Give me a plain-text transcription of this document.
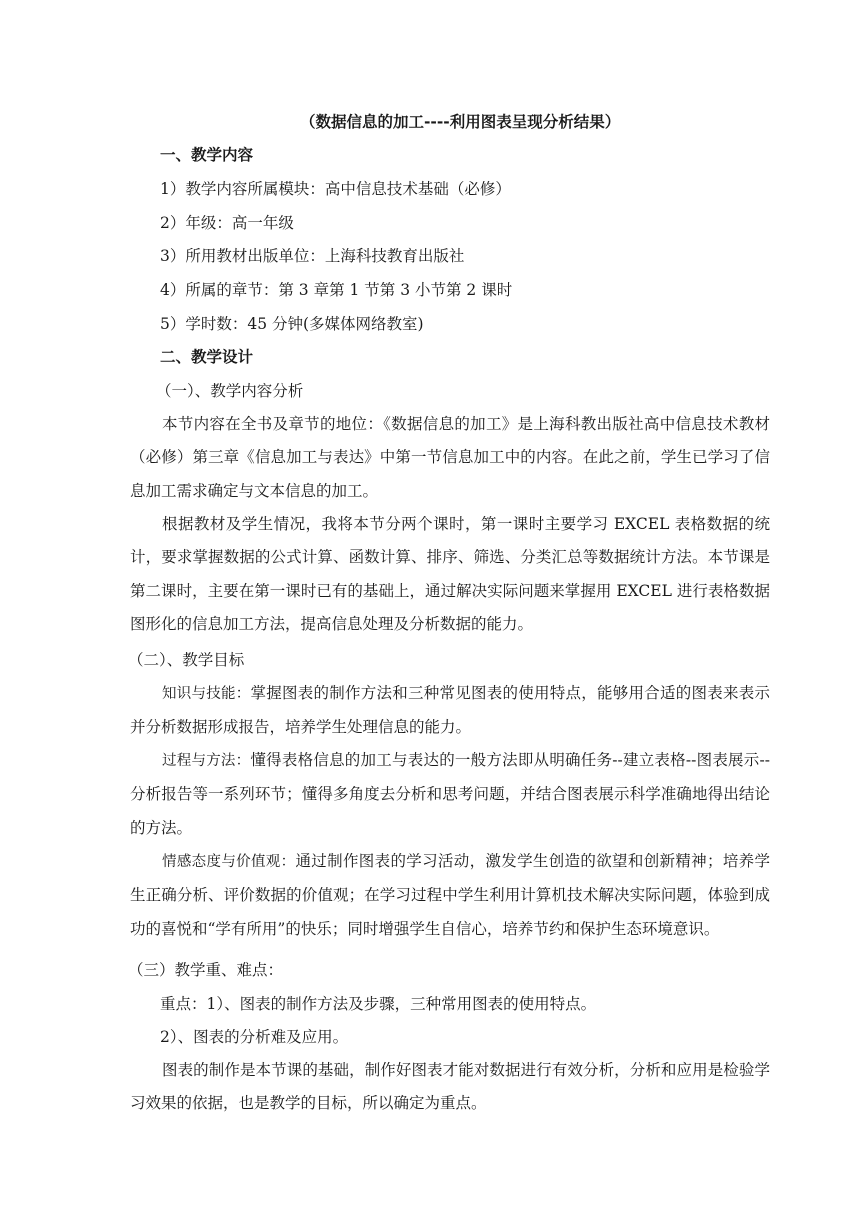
（数据信息的加工----利用图表呈现分析结果）
一、教学内容
1）教学内容所属模块：高中信息技术基础（必修）
2）年级：高一年级
3）所用教材出版单位：上海科技教育出版社
4）所属的章节：第 3 章第 1 节第 3 小节第 2 课时
5）学时数：45 分钟(多媒体网络教室)
二、教学设计
（一）、教学内容分析

本节内容在全书及章节的地位：《数据信息的加工》是上海科教出版社高中信息技术教材（必修）第三章《信息加工与表达》中第一节信息加工中的内容。在此之前，学生已学习了信息加工需求确定与文本信息的加工。

根据教材及学生情况，我将本节分两个课时，第一课时主要学习 EXCEL 表格数据的统计，要求掌握数据的公式计算、函数计算、排序、筛选、分类汇总等数据统计方法。本节课是第二课时，主要在第一课时已有的基础上，通过解决实际问题来掌握用 EXCEL 进行表格数据图形化的信息加工方法，提高信息处理及分析数据的能力。

（二）、教学目标

知识与技能：掌握图表的制作方法和三种常见图表的使用特点，能够用合适的图表来表示并分析数据形成报告，培养学生处理信息的能力。

过程与方法：懂得表格信息的加工与表达的一般方法即从明确任务--建立表格--图表展示--分析报告等一系列环节；懂得多角度去分析和思考问题，并结合图表展示科学准确地得出结论的方法。

情感态度与价值观：通过制作图表的学习活动，激发学生创造的欲望和创新精神；培养学生正确分析、评价数据的价值观；在学习过程中学生利用计算机技术解决实际问题，体验到成功的喜悦和“学有所用”的快乐；同时增强学生自信心，培养节约和保护生态环境意识。

（三）教学重、难点：
重点：1）、图表的制作方法及步骤，三种常用图表的使用特点。
2）、图表的分析难及应用。

图表的制作是本节课的基础，制作好图表才能对数据进行有效分析，分析和应用是检验学习效果的依据，也是教学的目标，所以确定为重点。
